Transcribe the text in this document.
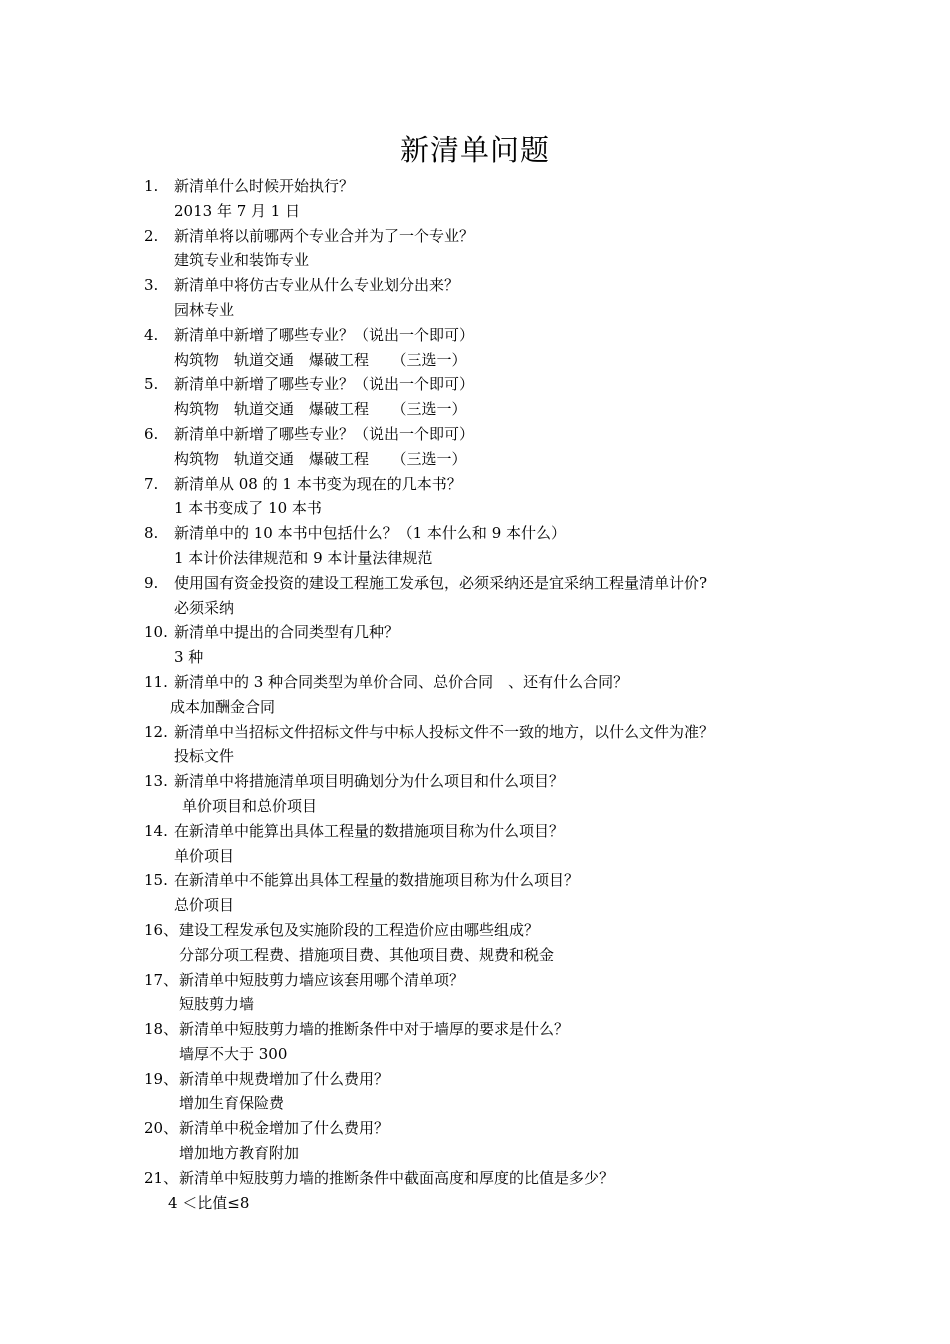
新清单问题
1. 新清单什么时候开始执行？
2013 年 7 月 1 日
2. 新清单将以前哪两个专业合并为了一个专业？
建筑专业和装饰专业
3. 新清单中将仿古专业从什么专业划分出来？
园林专业
4. 新清单中新增了哪些专业？（说出一个即可）
构筑物　轨道交通　爆破工程　　（三选一）
5. 新清单中新增了哪些专业？（说出一个即可）
构筑物　轨道交通　爆破工程　　（三选一）
6. 新清单中新增了哪些专业？（说出一个即可）
构筑物　轨道交通　爆破工程　　（三选一）
7. 新清单从 08 的 1 本书变为现在的几本书？
1 本书变成了 10 本书
8. 新清单中的 10 本书中包括什么？（1 本什么和 9 本什么）
1 本计价法律规范和 9 本计量法律规范
9. 使用国有资金投资的建设工程施工发承包，必须采纳还是宜采纳工程量清单计价?
必须采纳
10. 新清单中提出的合同类型有几种？
3 种
11. 新清单中的 3 种合同类型为单价合同、总价合同　、还有什么合同？
成本加酬金合同
12. 新清单中当招标文件招标文件与中标人投标文件不一致的地方，以什么文件为准？
投标文件
13. 新清单中将措施清单项目明确划分为什么项目和什么项目？
单价项目和总价项目
14. 在新清单中能算出具体工程量的数措施项目称为什么项目？
单价项目
15. 在新清单中不能算出具体工程量的数措施项目称为什么项目？
总价项目
16、 建设工程发承包及实施阶段的工程造价应由哪些组成？
分部分项工程费、措施项目费、其他项目费、规费和税金
17、 新清单中短肢剪力墙应该套用哪个清单项？
短肢剪力墙
18、 新清单中短肢剪力墙的推断条件中对于墙厚的要求是什么？
墙厚不大于 300
19、 新清单中规费增加了什么费用？
增加生育保险费
20、 新清单中税金增加了什么费用？
增加地方教育附加
21、 新清单中短肢剪力墙的推断条件中截面高度和厚度的比值是多少？
4 ＜比值≤8
